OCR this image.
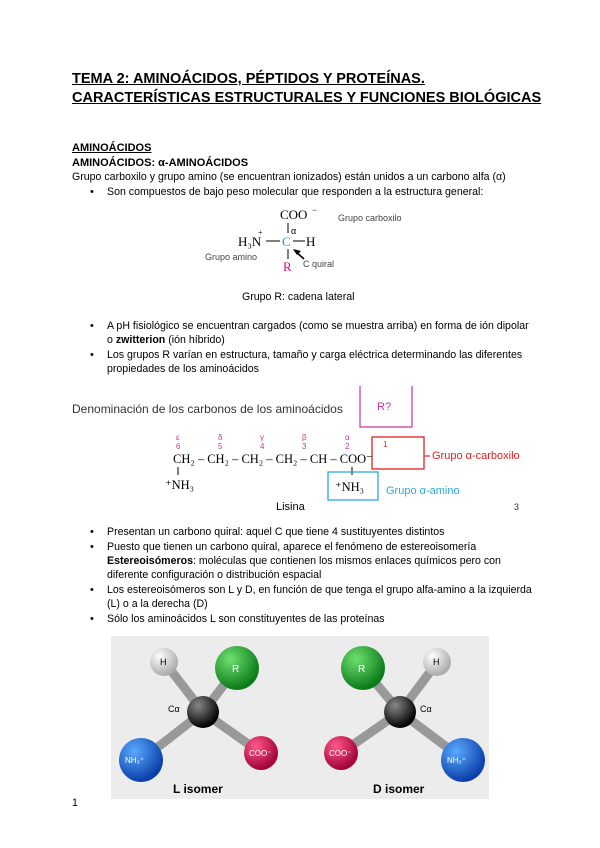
TEMA 2: AMINOÁCIDOS, PÉPTIDOS Y PROTEÍNAS. CARACTERÍSTICAS ESTRUCTURALES Y FUNCIONES BIOLÓGICAS
AMINOÁCIDOS
AMINOÁCIDOS: α-AMINOÁCIDOS
Grupo carboxilo y grupo amino (se encuentran ionizados) están unidos a un carbono alfa (α)
• Son compuestos de bajo peso molecular que responden a la estructura general:
COO −
Grupo carboxilo
α
H₃N
+
C H
R
Grupo amino
C quiral
Grupo R: cadena lateral
• A pH fisiológico se encuentran cargados (como se muestra arriba) en forma de ión dipolar o zwitterion (ión híbrido)
• Los grupos R varían en estructura, tamaño y carga eléctrica determinando las diferentes propiedades de los aminoácidos
Denominación de los carbonos de los aminoácidos	R?
ε	δ	γ	β	α
6	5	4	3	2	1
CH₂ – CH₂ – CH₂ – CH₂ – CH – COO⁻	Grupo α-carboxilo
⁺NH₃	⁺NH₃ Grupo α-amino
Lisina	3
• Presentan un carbono quiral: aquel C que tiene 4 sustituyentes distintos
• Puesto que tienen un carbono quiral, aparece el fenómeno de estereoisomería Estereoisómeros: moléculas que contienen los mismos enlaces químicos pero con diferente configuración o distribución espacial
• Los estereoisómeros son L y D, en función de que tenga el grupo alfa-amino a la izquierda (L) o a la derecha (D)
• Sólo los aminoácidos L son constituyentes de las proteínas
R
H
Cα
COO⁻
NH₃⁺
L isomer
R
H
Cα
COO⁻
NH₃⁺
D isomer
1
